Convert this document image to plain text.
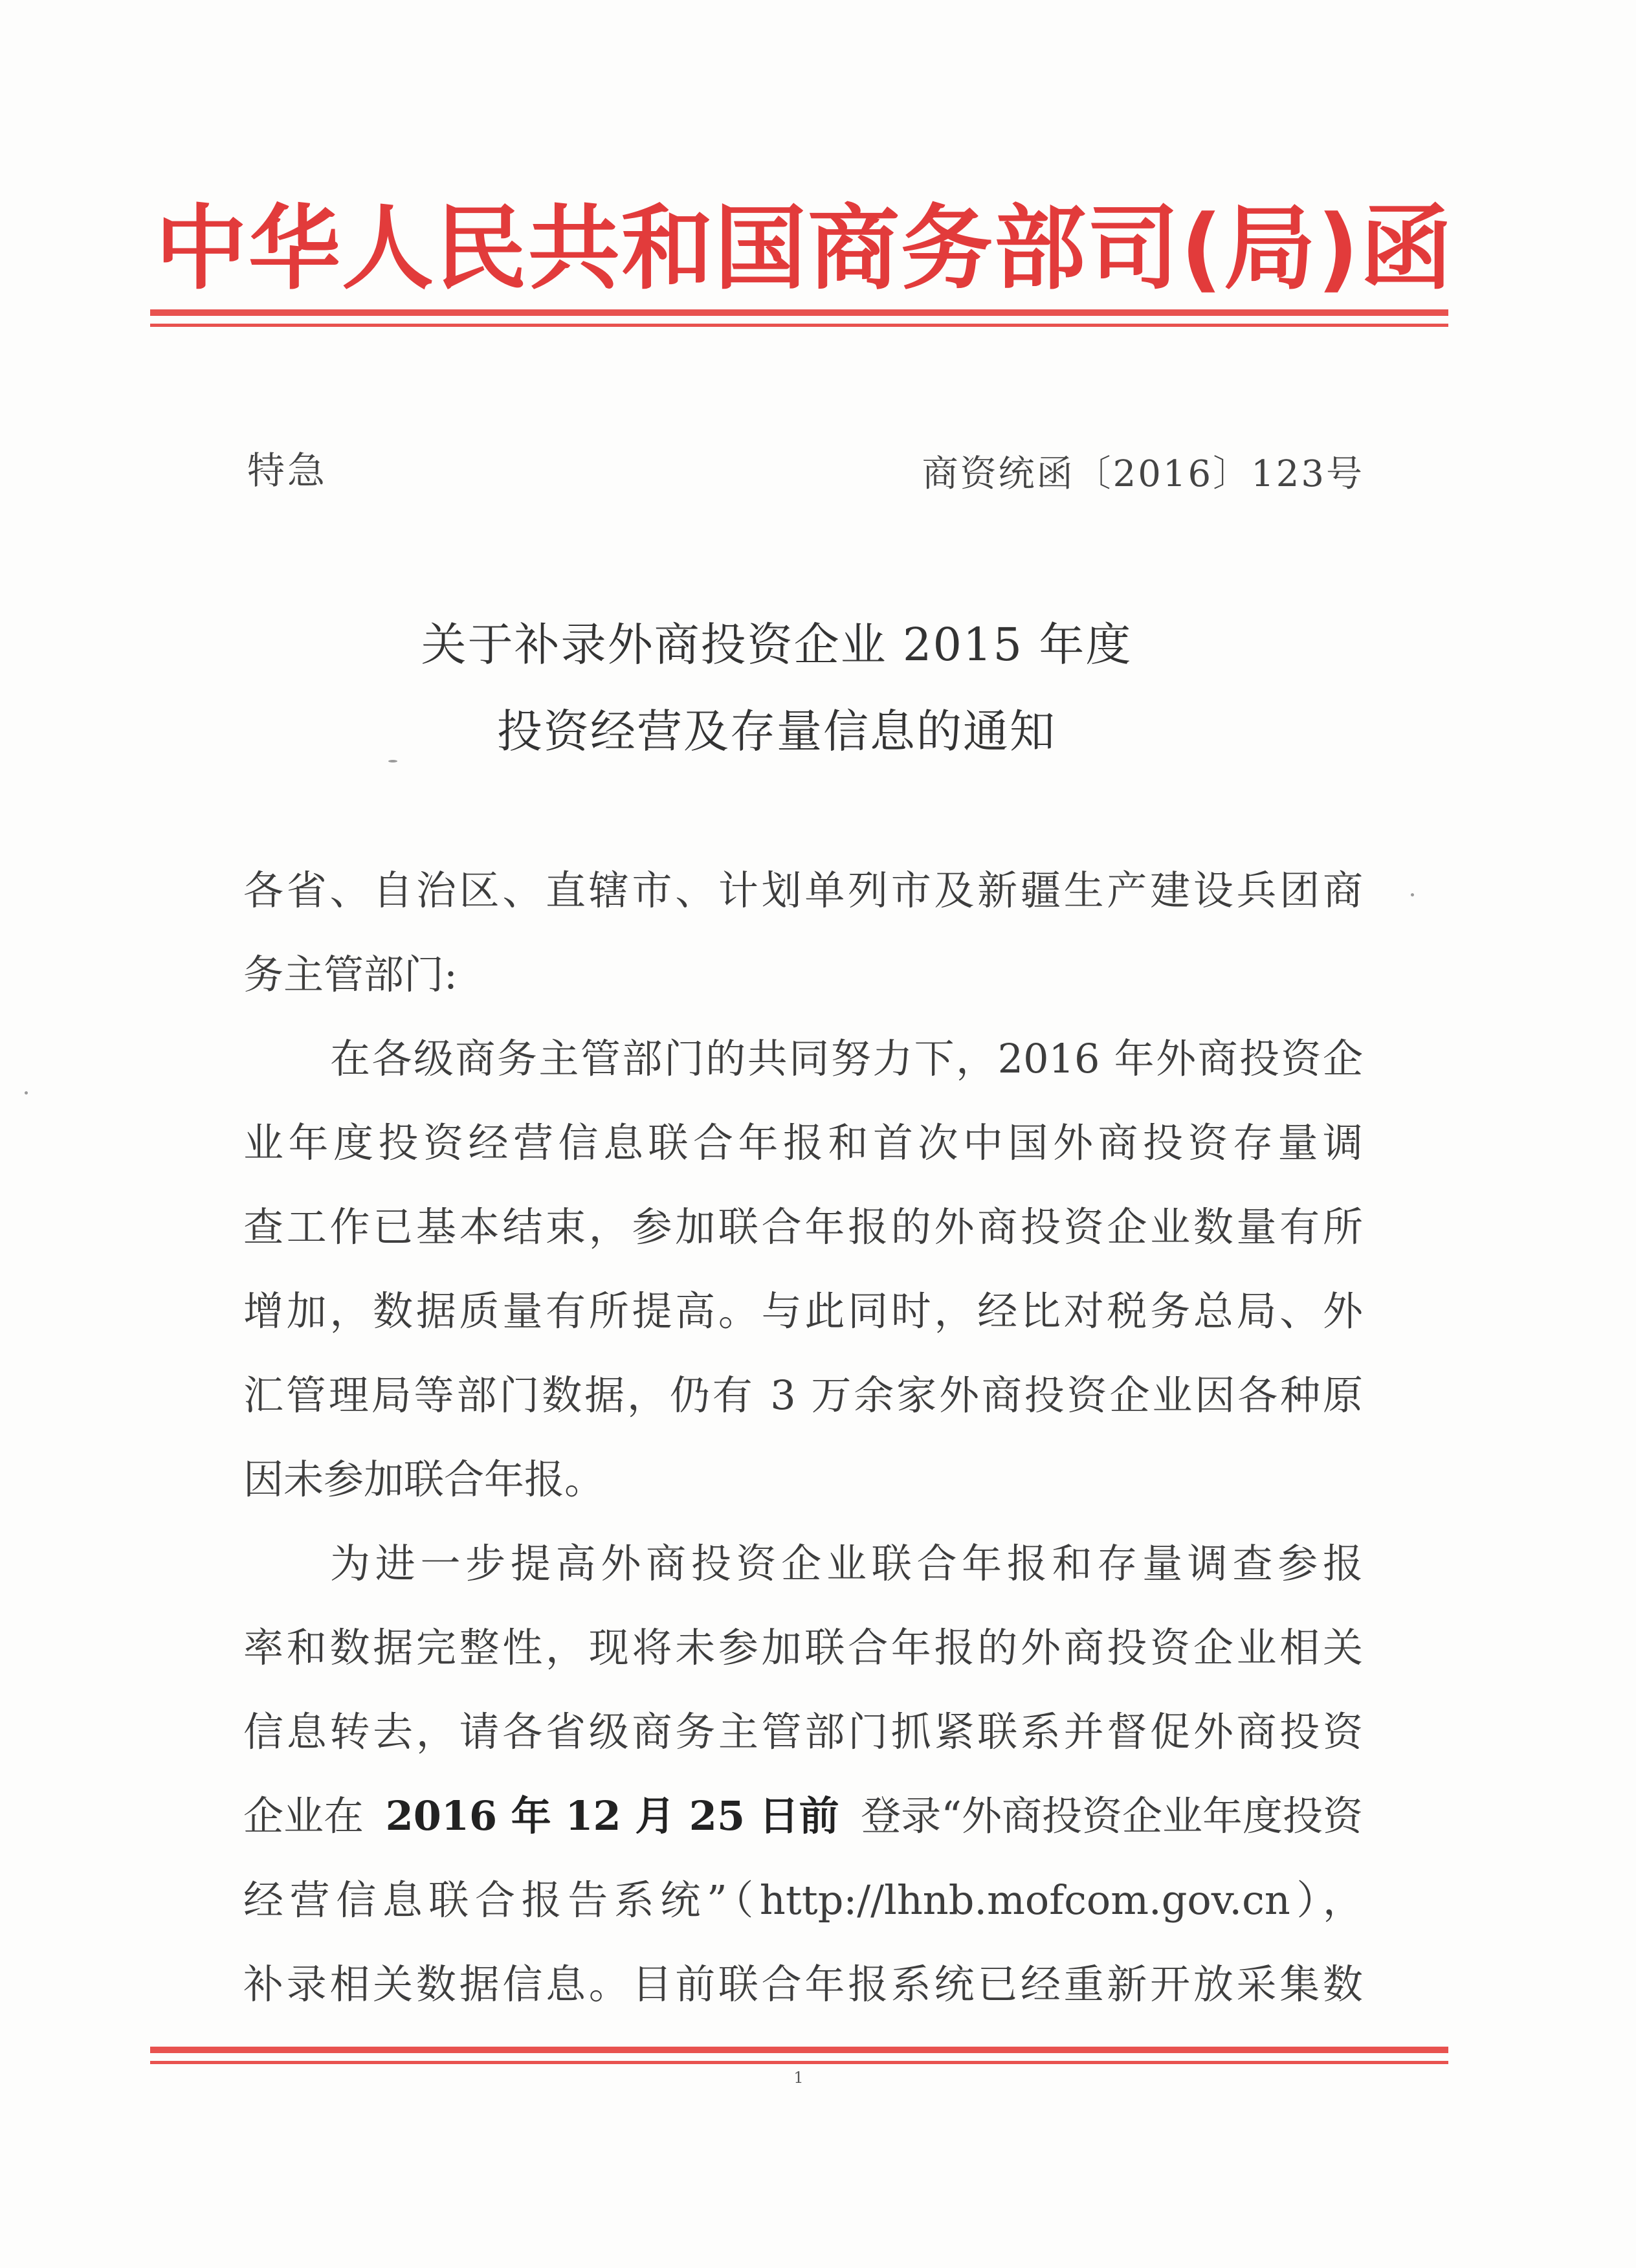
中华人民共和国商务部司(局)函
特急	商资统函〔2016〕123号
关于补录外商投资企业 2015 年度
投资经营及存量信息的通知
各省、自治区、直辖市、计划单列市及新疆生产建设兵团商
务主管部门:
在各级商务主管部门的共同努力下，2016 年外商投资企
业年度投资经营信息联合年报和首次中国外商投资存量调
查工作已基本结束，参加联合年报的外商投资企业数量有所
增加，数据质量有所提高。与此同时，经比对税务总局、外
汇管理局等部门数据，仍有 3 万余家外商投资企业因各种原
因未参加联合年报。
为进一步提高外商投资企业联合年报和存量调查参报
率和数据完整性，现将未参加联合年报的外商投资企业相关
信息转去，请各省级商务主管部门抓紧联系并督促外商投资
企业在 2016 年 12 月 25 日前 登录“外商投资企业年度投资
经营信息联合报告系统”（http://lhnb.mofcom.gov.cn），
补录相关数据信息。目前联合年报系统已经重新开放采集数
1
